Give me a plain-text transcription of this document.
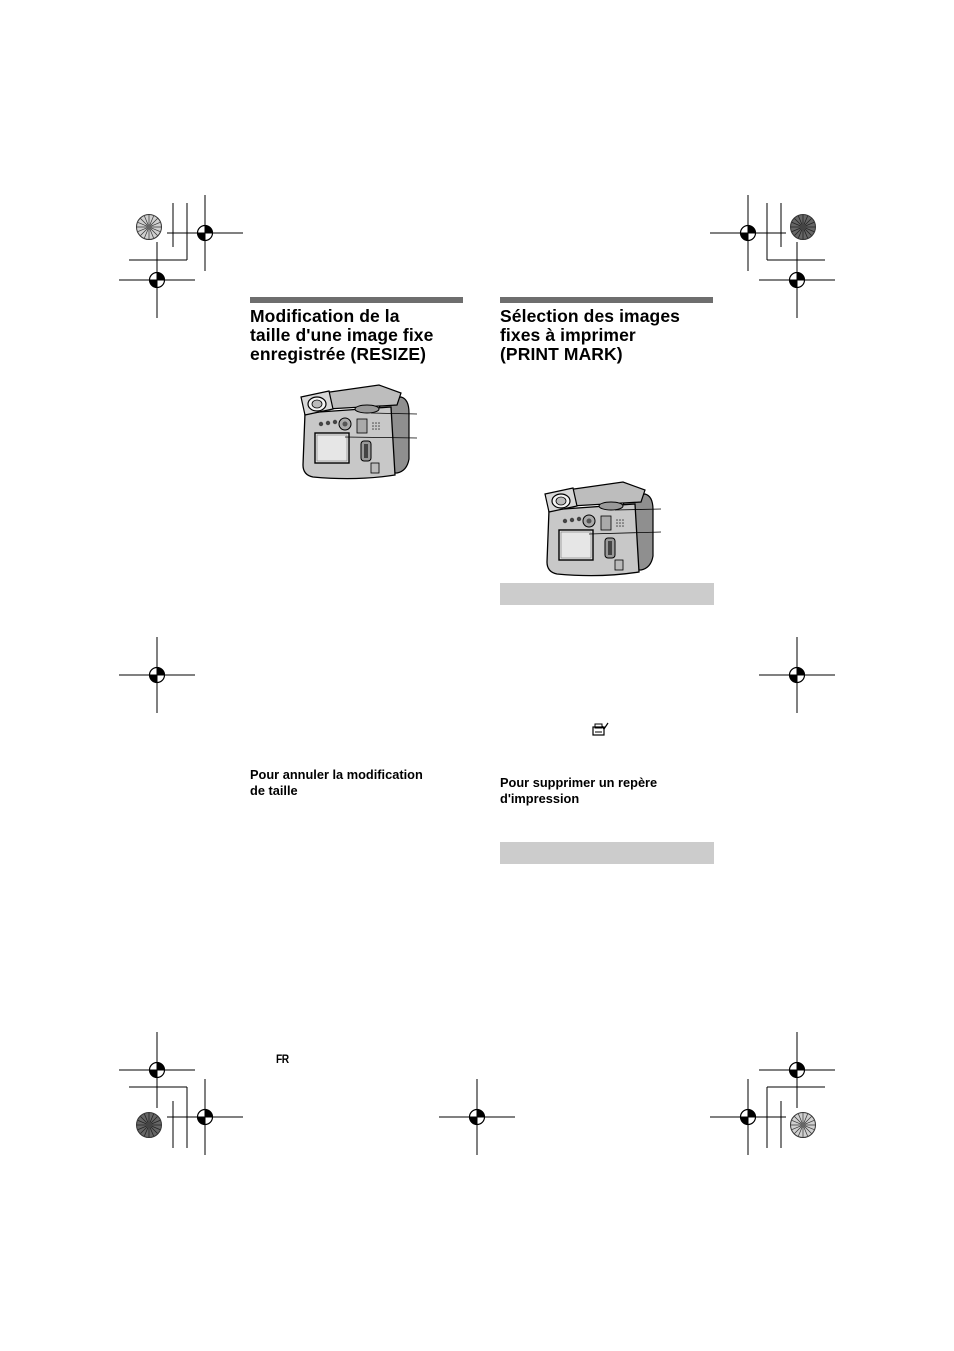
Modification de la
taille d'une image fixe
enregistrée (RESIZE)

Pour annuler la modification
de taille

FR
Sélection des images
fixes à imprimer
(PRINT MARK)

Pour supprimer un repère
d'impression
